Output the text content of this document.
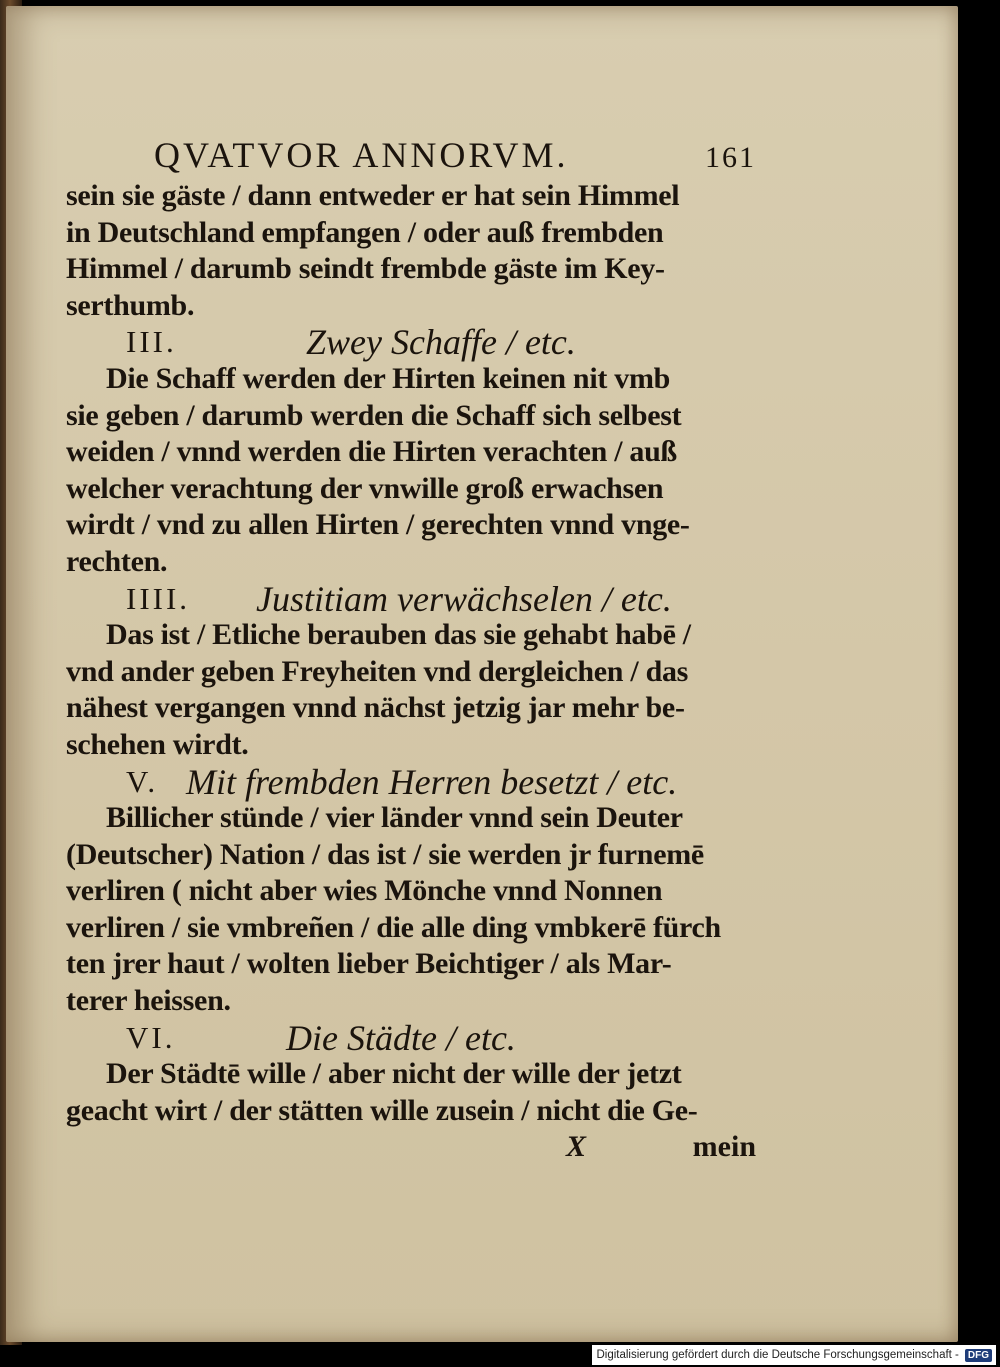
QVATVOR ANNORVM.	161
sein sie gäste / dann entweder er hat sein Himmel
in Deutschland empfangen / oder auß frembden
Himmel / darumb seindt frembde gäste im Key-
serthumb.
III.	Zwey Schaffe / etc.
Die Schaff werden der Hirten keinen nit vmb
sie geben / darumb werden die Schaff sich selbest
weiden / vnnd werden die Hirten verachten / auß
welcher verachtung der vnwille groß erwachsen
wirdt / vnd zu allen Hirten / gerechten vnnd vnge-
rechten.
IIII. Justitiam verwächselen / etc.
Das ist / Etliche berauben das sie gehabt habē /
vnd ander geben Freyheiten vnd dergleichen / das
nähest vergangen vnnd nächst jetzig jar mehr be-
schehen wirdt.
V. Mit frembden Herren besetzt / etc.
Billicher stünde / vier länder vnnd sein Deuter
(Deutscher) Nation / das ist / sie werden jr furnemē
verliren ( nicht aber wies Mönche vnnd Nonnen
verliren / sie vmbreñen / die alle ding vmbkerē fürch
ten jrer haut / wolten lieber Beichtiger / als Mar-
terer heissen.
VI.	Die Städte / etc.
Der Städtē wille / aber nicht der wille der jetzt
geacht wirt / der stätten wille zusein / nicht die Ge-
X	mein
Digitalisierung gefördert durch die Deutsche Forschungsgemeinschaft - DFG
